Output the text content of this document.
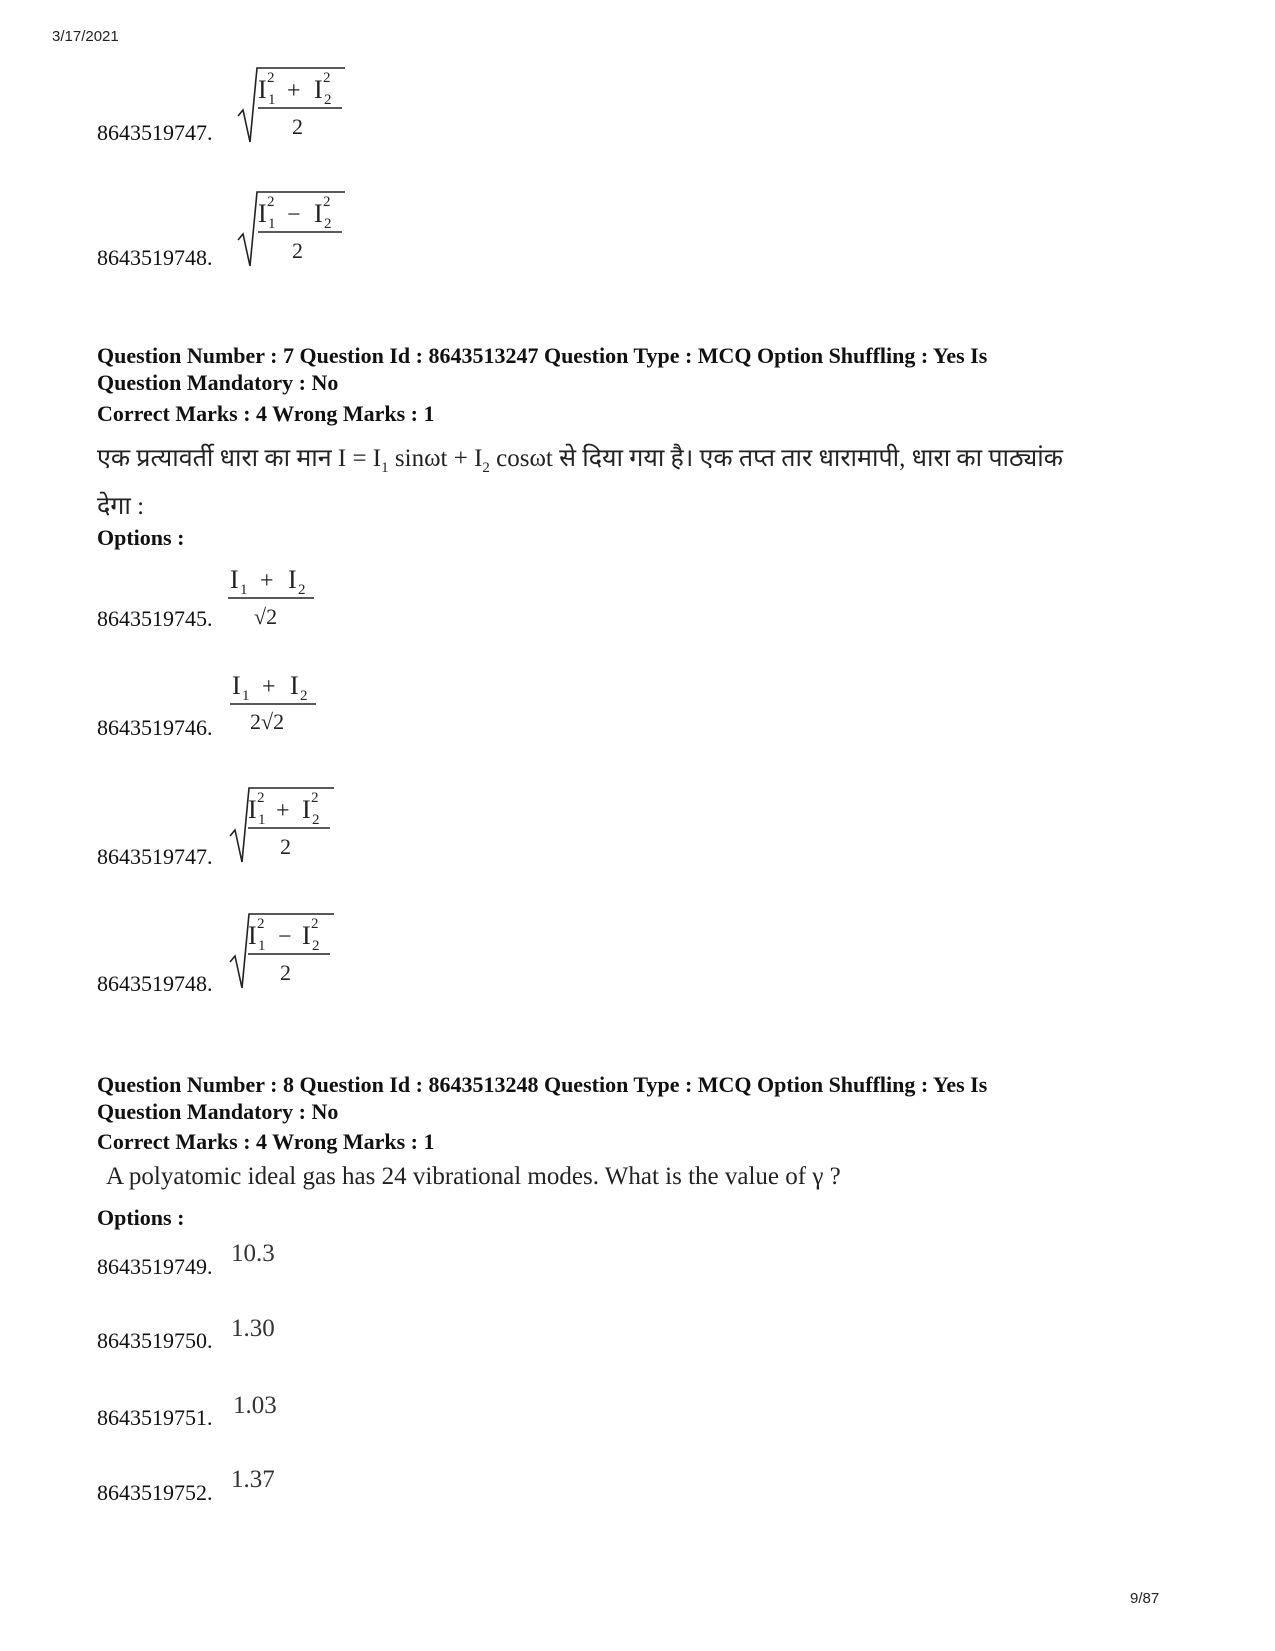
3/17/2021
9/87
8643519747.
I 1
2 + I 2
2
2
8643519748.
I 1
2 − I 2
2
2
Question Number : 7 Question Id : 8643513247 Question Type : MCQ Option Shuffling : Yes Is
Question Mandatory : No
Correct Marks : 4 Wrong Marks : 1
एक प्रत्यावर्ती धारा का मान $I = I_1$ $\sin\omega t + I_2$ cosωt से दिया गया है। एक तप्त तार धारामापी, धारा का पाठ्यांक
देगा :
Options :
8643519745.
I 1 + I 2
√2
8643519746.
I 1 + I 2
2√2
8643519747.
I 1
2 + I 2
2
2
8643519748.
I 1
2 − I 2
2
2
Question Number : 8 Question Id : 8643513248 Question Type : MCQ Option Shuffling : Yes Is
Question Mandatory : No
Correct Marks : 4 Wrong Marks : 1
A polyatomic ideal gas has 24 vibrational modes. What is the value of γ ?
Options :
8643519749. 10.3
8643519750. 1.30
8643519751. 1.03
8643519752. 1.37
